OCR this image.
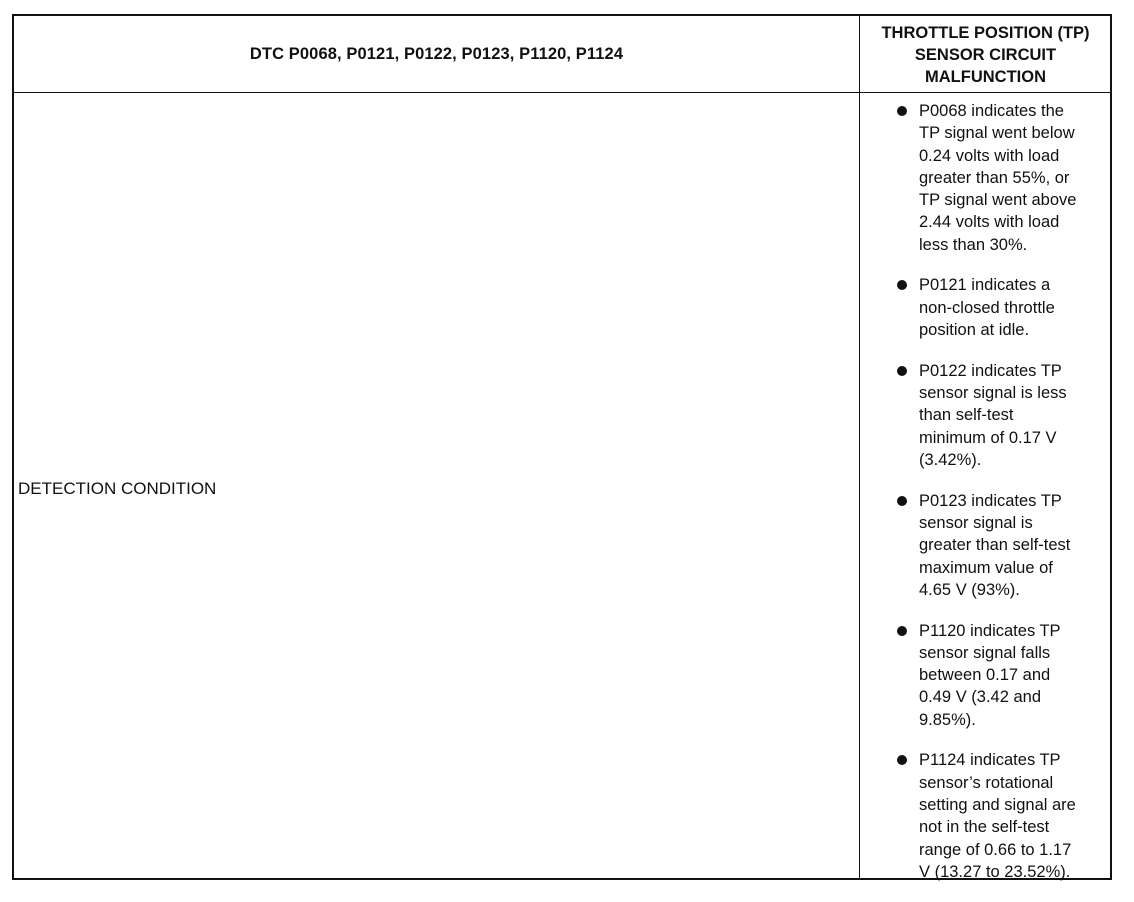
DTC P0068, P0121, P0122, P0123, P1120, P1124
THROTTLE POSITION (TP)
SENSOR CIRCUIT
MALFUNCTION
DETECTION CONDITION
P0068 indicates the
TP signal went below
0.24 volts with load
greater than 55%, or
TP signal went above
2.44 volts with load
less than 30%.
P0121 indicates a
non-closed throttle
position at idle.
P0122 indicates TP
sensor signal is less
than self-test
minimum of 0.17 V
(3.42%).
P0123 indicates TP
sensor signal is
greater than self-test
maximum value of
4.65 V (93%).
P1120 indicates TP
sensor signal falls
between 0.17 and
0.49 V (3.42 and
9.85%).
P1124 indicates TP
sensor’s rotational
setting and signal are
not in the self-test
range of 0.66 to 1.17
V (13.27 to 23.52%).
